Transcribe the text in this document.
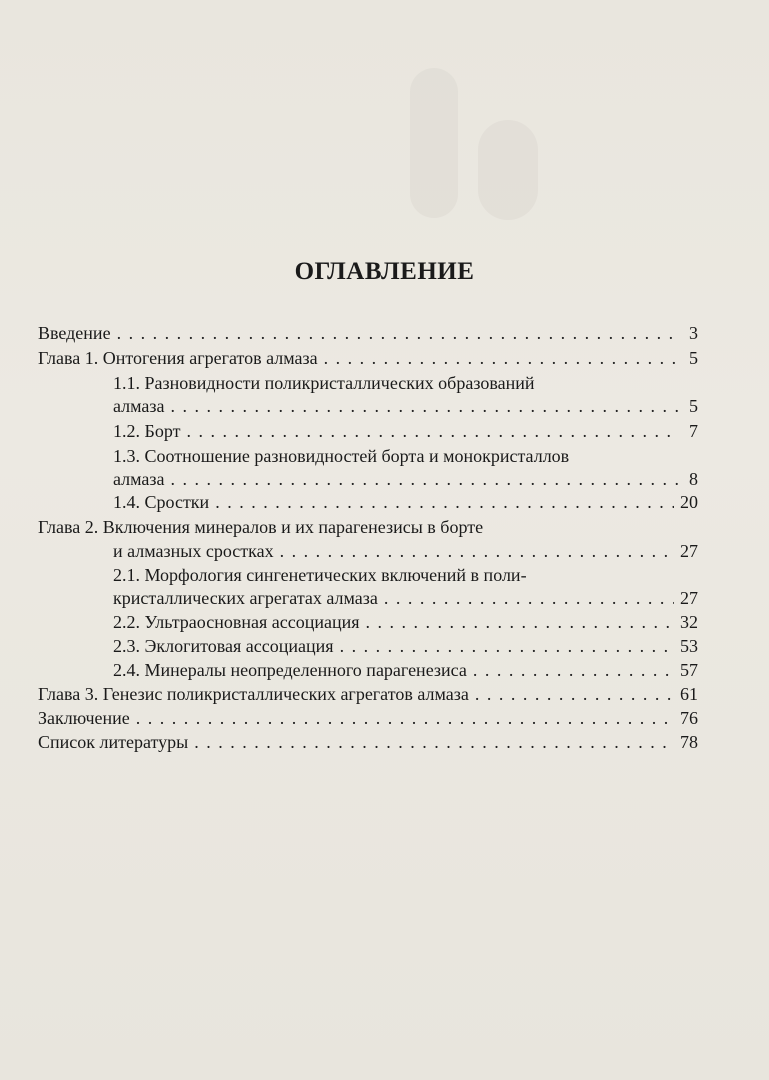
ОГЛАВЛЕНИЕ
Введение . . .	3
Глава 1. Онтогения агрегатов алмаза . . .	5
1.1. Разновидности поликристаллических образований
алмаза . . .	5
1.2. Борт . . .	7
1.3. Соотношение разновидностей борта и монокристаллов
алмаза . . .	8
1.4. Сростки . . .	20
Глава 2. Включения минералов и их парагенезисы в борте
и алмазных сростках . . .	27
2.1. Морфология сингенетических включений в поли-
кристаллических агрегатах алмаза . . .	27
2.2. Ультраосновная ассоциация . . .	32
2.3. Эклогитовая ассоциация . . .	53
2.4. Минералы неопределенного парагенезиса . . .	57
Глава 3. Генезис поликристаллических агрегатов алмаза . . .	61
Заключение . . .	76
Список литературы . . .	78
